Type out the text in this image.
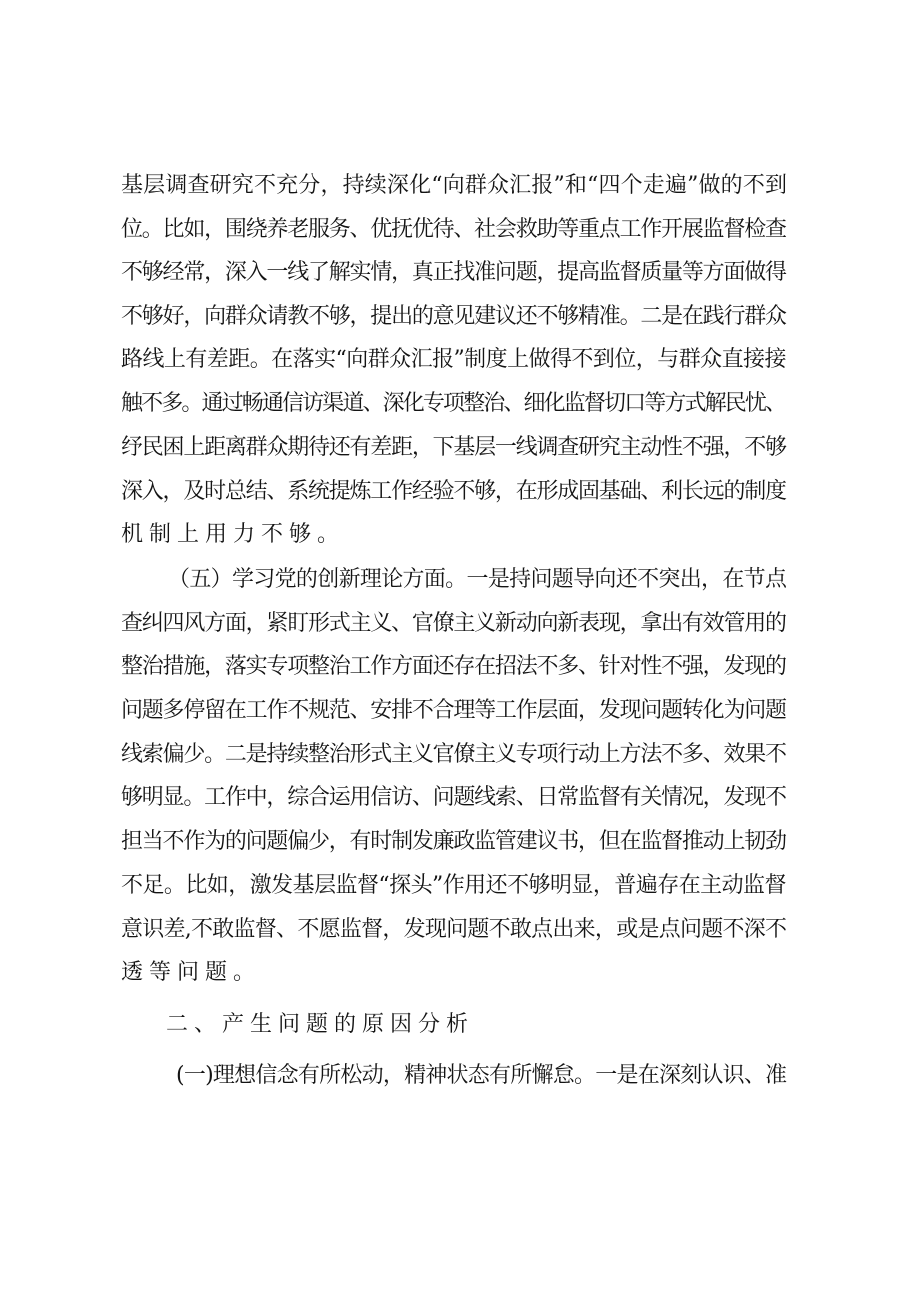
基层调查研究不充分，持续深化“向群众汇报”和“四个走遍”做的不到
位。比如，围绕养老服务、优抚优待、社会救助等重点工作开展监督检查
不够经常，深入一线了解实情，真正找准问题，提高监督质量等方面做得
不够好，向群众请教不够，提出的意见建议还不够精准。二是在践行群众
路线上有差距。在落实“向群众汇报”制度上做得不到位，与群众直接接
触不多。通过畅通信访渠道、深化专项整治、细化监督切口等方式解民忧、
纾民困上距离群众期待还有差距，下基层一线调查研究主动性不强，不够
深入，及时总结、系统提炼工作经验不够，在形成固基础、利长远的制度
机制上用力不够。
（五）学习党的创新理论方面。一是持问题导向还不突出，在节点
查纠四风方面，紧盯形式主义、官僚主义新动向新表现，拿出有效管用的
整治措施，落实专项整治工作方面还存在招法不多、针对性不强，发现的
问题多停留在工作不规范、安排不合理等工作层面，发现问题转化为问题
线索偏少。二是持续整治形式主义官僚主义专项行动上方法不多、效果不
够明显。工作中，综合运用信访、问题线索、日常监督有关情况，发现不
担当不作为的问题偏少，有时制发廉政监管建议书，但在监督推动上韧劲
不足。比如，激发基层监督“探头”作用还不够明显，普遍存在主动监督
意识差,不敢监督、不愿监督，发现问题不敢点出来，或是点问题不深不
透等问题。
二、产生问题的原因分析
(一)理想信念有所松动，精神状态有所懈怠。一是在深刻认识、准
